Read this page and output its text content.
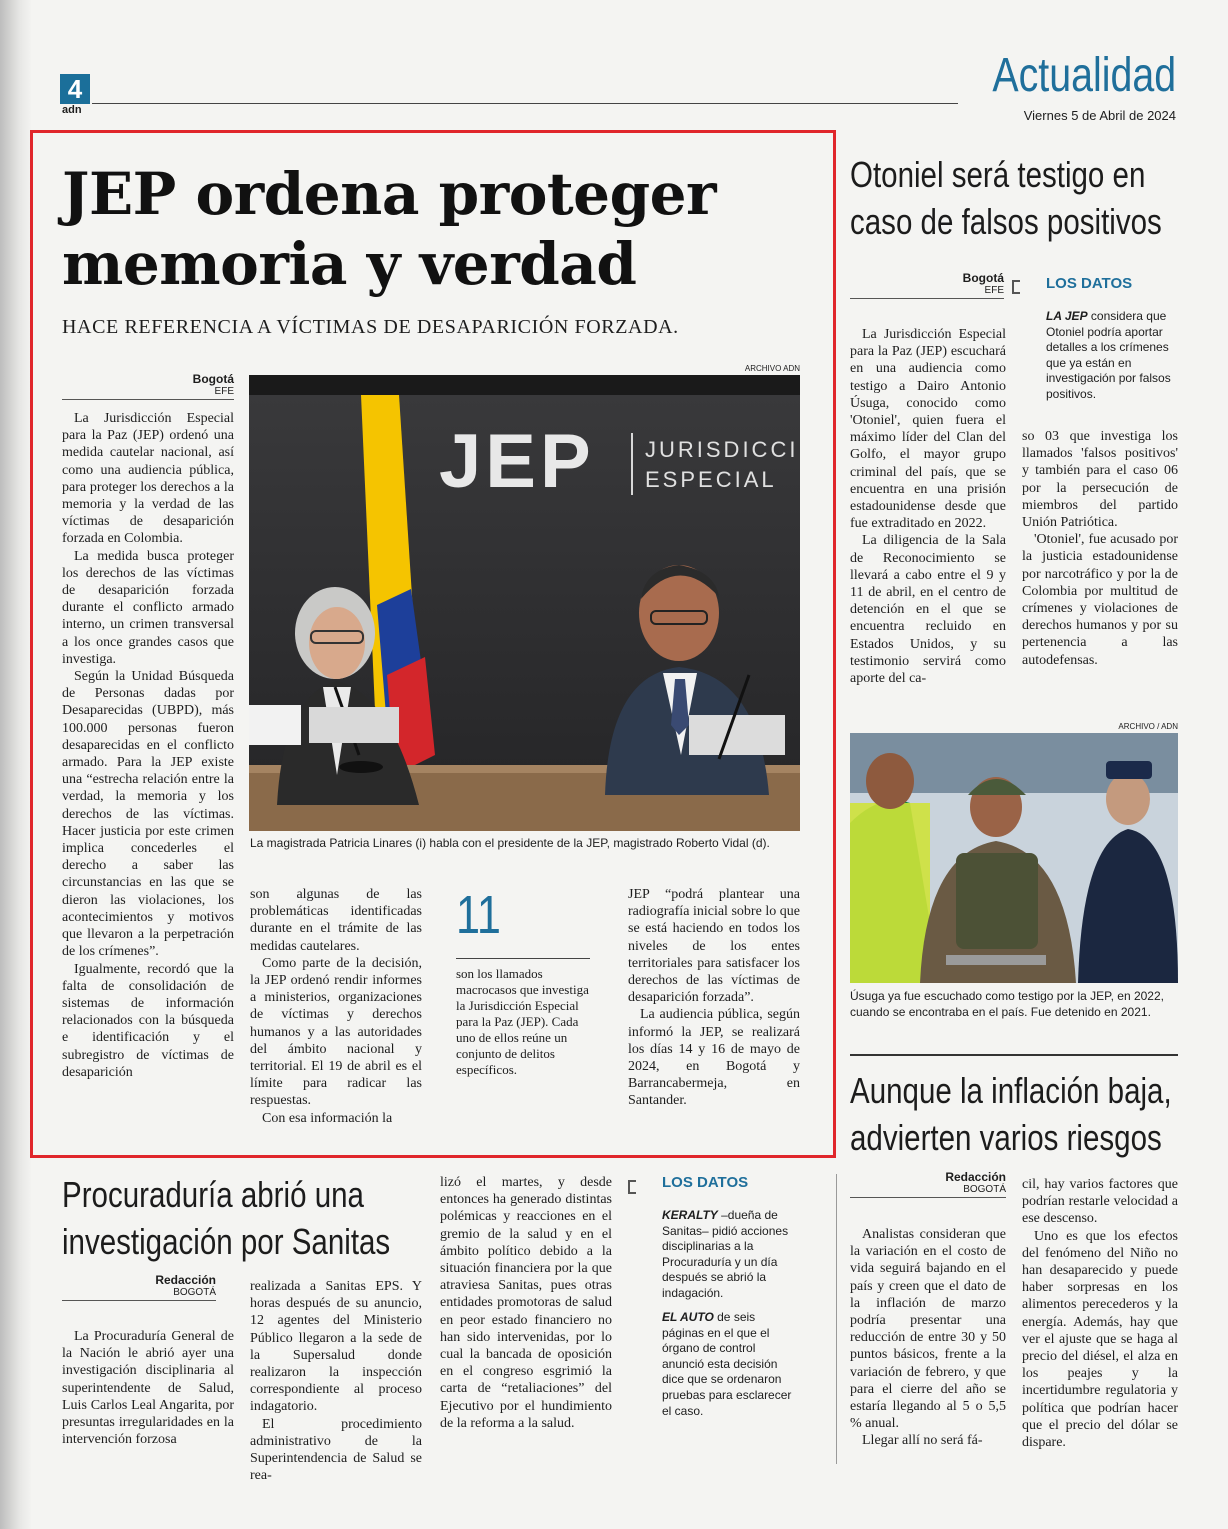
4
adn
Actualidad
Viernes 5 de Abril de 2024
JEP ordena proteger
memoria y verdad
HACE REFERENCIA A VÍCTIMAS DE DESAPARICIÓN FORZADA.
Bogotá
EFE

La Jurisdicción Especial para la Paz (JEP) ordenó una medida cautelar nacional, así como una audiencia pública, para proteger los derechos a la memoria y la verdad de las víctimas de desaparición forzada en Colombia.

La medida busca proteger los derechos de las víctimas de desaparición forzada durante el conflicto armado interno, un crimen transversal a los once grandes casos que investiga.

Según la Unidad Búsqueda de Personas dadas por Desaparecidas (UBPD), más 100.000 personas fueron desaparecidas en el conflicto armado. Para la JEP existe una “estrecha relación entre la verdad, la memoria y los derechos de las víctimas. Hacer justicia por este crimen implica concederles el derecho a saber las circunstancias en las que se dieron las violaciones, los acontecimientos y motivos que llevaron a la perpetración de los crímenes”.

Igualmente, recordó que la falta de consolidación de sistemas de información relacionados con la búsqueda e identificación y el subregistro de víctimas de desaparición

ARCHIVO ADN
JEP JURISDICCI
ESPECIAL
La magistrada Patricia Linares (i) habla con el presidente de la JEP, magistrado Roberto Vidal (d).

son algunas de las problemáticas identificadas durante en el trámite de las medidas cautelares.

Como parte de la decisión, la JEP ordenó rendir informes a ministerios, organizaciones de víctimas y derechos humanos y a las autoridades del ámbito nacional y territorial. El 19 de abril es el límite para radicar las respuestas.

Con esa información la

11
son los llamados macrocasos que investiga la Jurisdicción Especial para la Paz (JEP). Cada uno de ellos reúne un conjunto de delitos específicos.

JEP “podrá plantear una radiografía inicial sobre lo que se está haciendo en todos los niveles de los entes territoriales para satisfacer los derechos de las víctimas de desaparición forzada”.

La audiencia pública, según informó la JEP, se realizará los días 14 y 16 de mayo de 2024, en Bogotá y Barrancabermeja, en Santander.

Otoniel será testigo en
caso de falsos positivos
Bogotá
EFE	LOS DATOS
LA JEP considera que Otoniel podría aportar detalles a los crímenes que ya están en investigación por falsos positivos.

La Jurisdicción Especial para la Paz (JEP) escuchará en una audiencia como testigo a Dairo Antonio Úsuga, conocido como 'Otoniel', quien fuera el máximo líder del Clan del Golfo, el mayor grupo criminal del país, que se encuentra en una prisión estadounidense desde que fue extraditado en 2022.

La diligencia de la Sala de Reconocimiento se llevará a cabo entre el 9 y 11 de abril, en el centro de detención en el que se encuentra recluido en Estados Unidos, y su testimonio servirá como aporte del ca-

so 03 que investiga los llamados 'falsos positivos' y también para el caso 06 por la persecución de miembros del partido Unión Patriótica.

'Otoniel', fue acusado por la justicia estadounidense por narcotráfico y por la de Colombia por multitud de crímenes y violaciones de derechos humanos y por su pertenencia a las autodefensas.

ARCHIVO / ADN
Úsuga ya fue escuchado como testigo por la JEP, en 2022, cuando se encontraba en el país. Fue detenido en 2021.
Aunque la inflación baja,
advierten varios riesgos
Redacción
BOGOTÁ

Analistas consideran que la variación en el costo de vida seguirá bajando en el país y creen que el dato de la inflación de marzo podría presentar una reducción de entre 30 y 50 puntos básicos, frente a la variación de febrero, y que para el cierre del año se estaría llegando al 5 o 5,5 % anual.

Llegar allí no será fá-

cil, hay varios factores que podrían restarle velocidad a ese descenso.

Uno es que los efectos del fenómeno del Niño no han desaparecido y puede haber sorpresas en los alimentos perecederos y la energía. Además, hay que ver el ajuste que se haga al precio del diésel, el alza en los peajes y la incertidumbre regulatoria y política que podrían hacer que el precio del dólar se dispare.

Procuraduría abrió una
investigación por Sanitas
Redacción
BOGOTÁ

La Procuraduría General de la Nación le abrió ayer una investigación disciplinaria al superintendente de Salud, Luis Carlos Leal Angarita, por presuntas irregularidades en la intervención forzosa

realizada a Sanitas EPS. Y horas después de su anuncio, 12 agentes del Ministerio Público llegaron a la sede de la Supersalud donde realizaron la inspección correspondiente al proceso indagatorio.

El procedimiento administrativo de la Superintendencia de Salud se rea-

lizó el martes, y desde entonces ha generado distintas polémicas y reacciones en el gremio de la salud y en el ámbito político debido a la situación financiera por la que atraviesa Sanitas, pues otras entidades promotoras de salud en peor estado financiero no han sido intervenidas, por lo cual la bancada de oposición en el congreso esgrimió la carta de “retaliaciones” del Ejecutivo por el hundimiento de la reforma a la salud.

LOS DATOS
KERALTY –dueña de Sanitas– pidió acciones disciplinarias a la Procuraduría y un día después se abrió la indagación.
EL AUTO de seis páginas en el que el órgano de control anunció esta decisión dice que se ordenaron pruebas para esclarecer el caso.
